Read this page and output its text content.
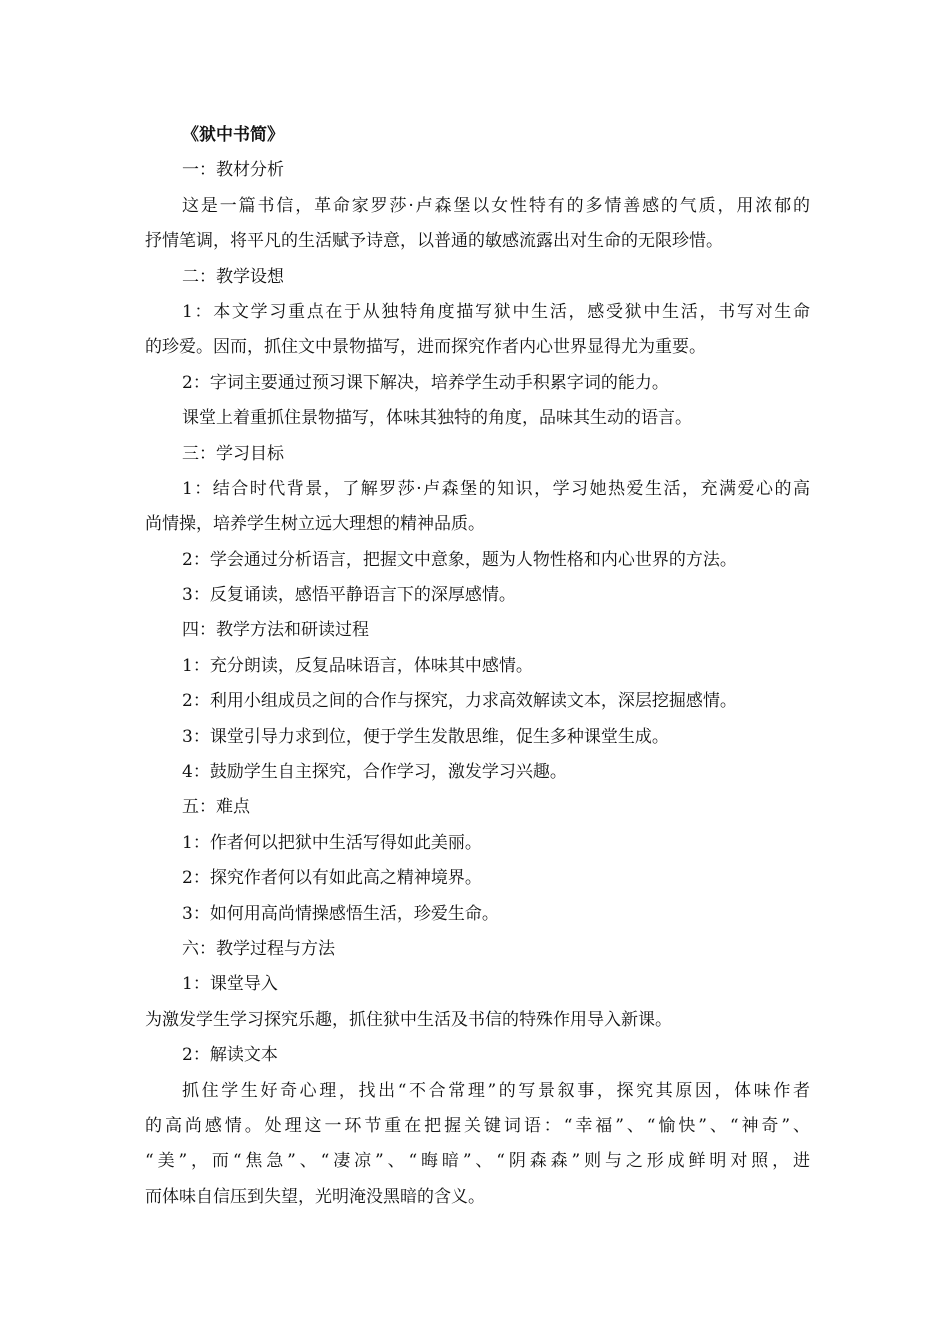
《狱中书简》
一：教材分析
这是一篇书信，革命家罗莎·卢森堡以女性特有的多情善感的气质，用浓郁的
抒情笔调，将平凡的生活赋予诗意，以普通的敏感流露出对生命的无限珍惜。
二：教学设想
1：本文学习重点在于从独特角度描写狱中生活，感受狱中生活，书写对生命
的珍爱。因而，抓住文中景物描写，进而探究作者内心世界显得尤为重要。
2：字词主要通过预习课下解决，培养学生动手积累字词的能力。
课堂上着重抓住景物描写，体味其独特的角度，品味其生动的语言。
三：学习目标
1：结合时代背景，了解罗莎·卢森堡的知识，学习她热爱生活，充满爱心的高
尚情操，培养学生树立远大理想的精神品质。
2：学会通过分析语言，把握文中意象，题为人物性格和内心世界的方法。
3：反复诵读，感悟平静语言下的深厚感情。
四：教学方法和研读过程
1：充分朗读，反复品味语言，体味其中感情。
2：利用小组成员之间的合作与探究，力求高效解读文本，深层挖掘感情。
3：课堂引导力求到位，便于学生发散思维，促生多种课堂生成。
4：鼓励学生自主探究，合作学习，激发学习兴趣。
五：难点
1：作者何以把狱中生活写得如此美丽。
2：探究作者何以有如此高之精神境界。
3：如何用高尚情操感悟生活，珍爱生命。
六：教学过程与方法
1：课堂导入
为激发学生学习探究乐趣，抓住狱中生活及书信的特殊作用导入新课。
2：解读文本
抓住学生好奇心理，找出“不合常理”的写景叙事，探究其原因，体味作者
的高尚感情。处理这一环节重在把握关键词语：“幸福”、“愉快”、“神奇”、
“美”，而“焦急”、“凄凉”、“晦暗”、“阴森森”则与之形成鲜明对照，进
而体味自信压到失望，光明淹没黑暗的含义。
